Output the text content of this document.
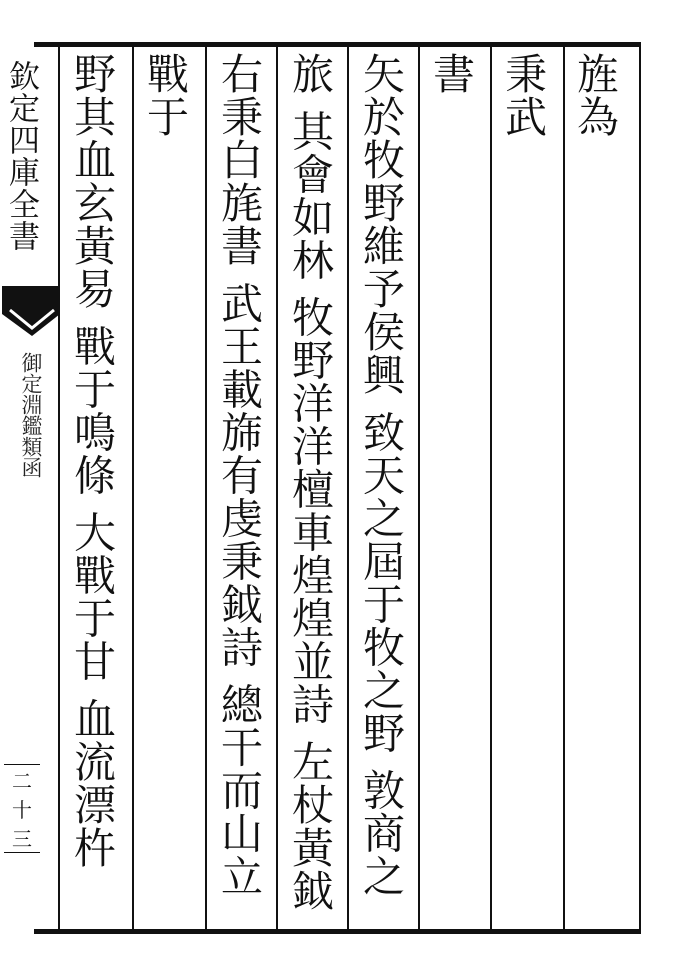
欽定四庫全書
御定淵鑑類函
二十三
旌為
秉武
書
矢於牧野維予侯興 致天之屆于牧之野 敦商之
旅 其會如林 牧野洋洋檀車煌煌並詩 左杖黃鉞
右秉白旄書 武王載旆有虔秉鉞詩 總干而山立
戰于
野其血玄黃易 戰于鳴條 大戰于甘 血流漂杵
